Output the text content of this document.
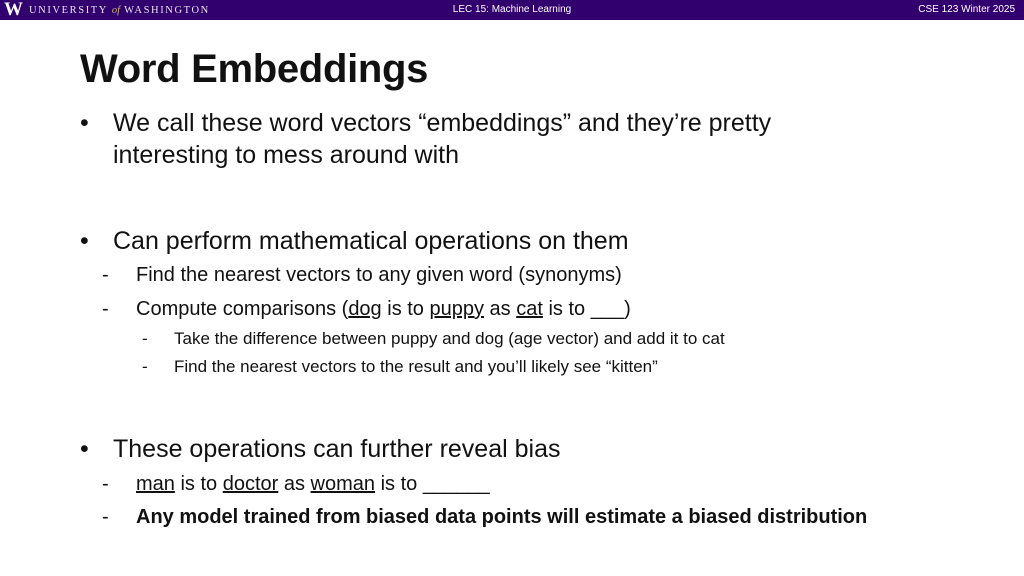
W UNIVERSITY of WASHINGTON	LEC 15: Machine Learning	CSE 123 Winter 2025
Word Embeddings
• We call these word vectors “embeddings” and they’re pretty
interesting to mess around with
• Can perform mathematical operations on them
- Find the nearest vectors to any given word (synonyms)
- Compute comparisons (dog is to puppy as cat is to ___)
- Take the difference between puppy and dog (age vector) and add it to cat
- Find the nearest vectors to the result and you’ll likely see “kitten”
• These operations can further reveal bias
- man is to doctor as woman is to ______
- Any model trained from biased data points will estimate a biased distribution
